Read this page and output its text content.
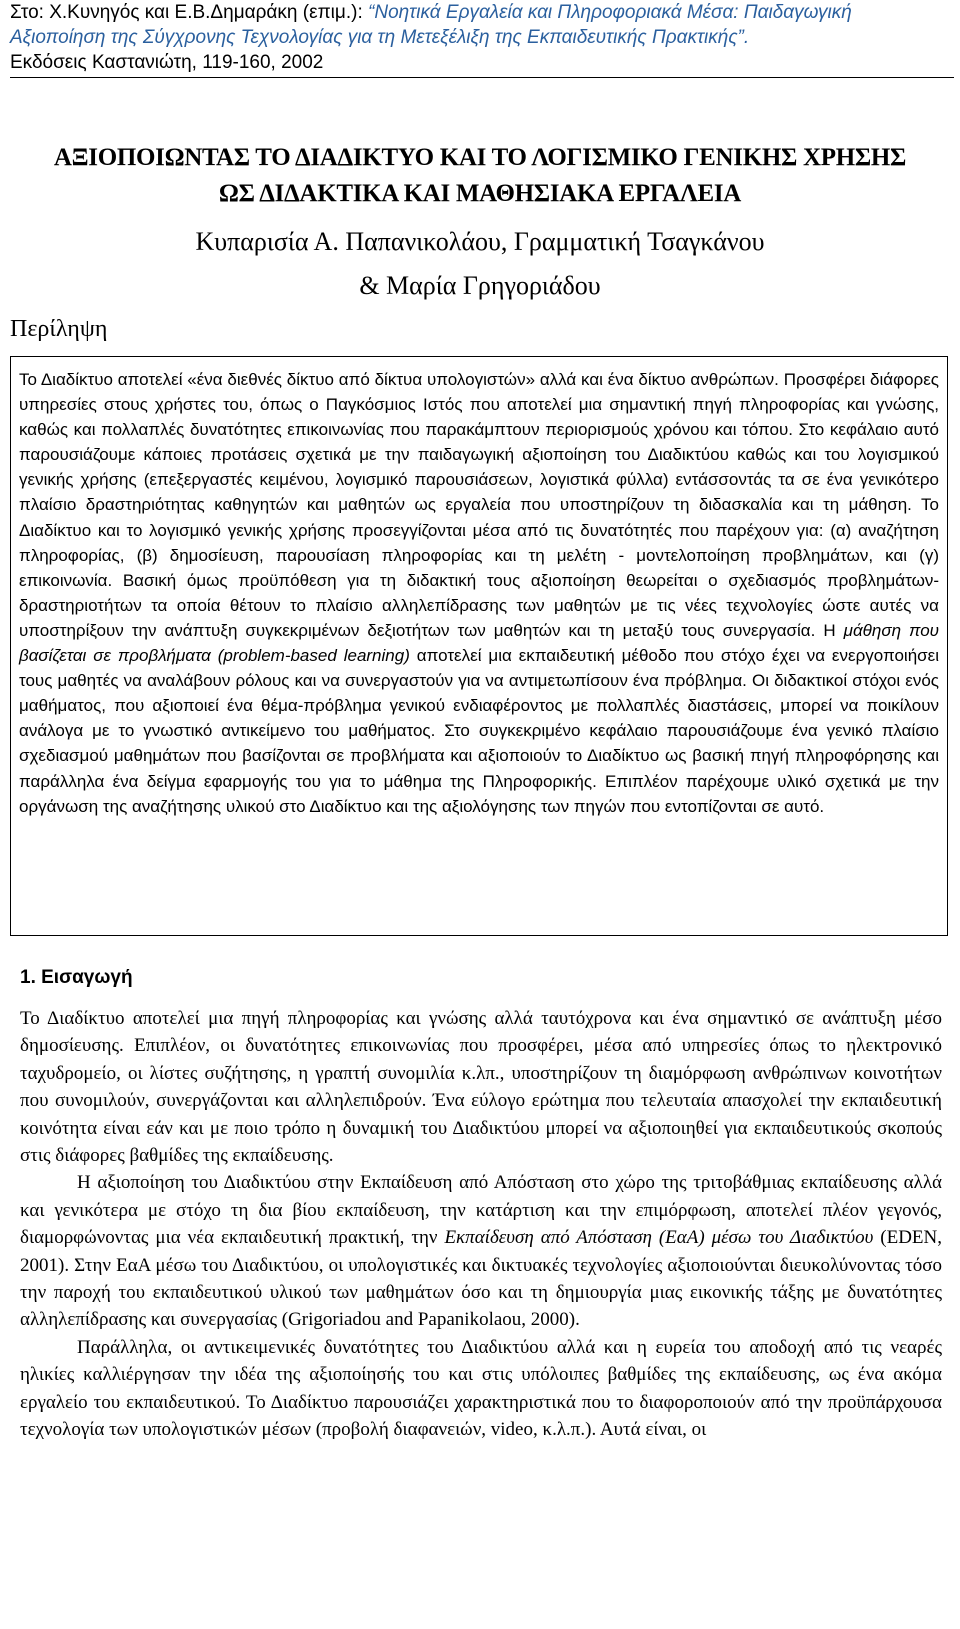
Στο: Χ.Κυνηγός και Ε.Β.Δημαράκη (επιμ.): “Νοητικά Εργαλεία και Πληροφοριακά Μέσα: Παιδαγωγική Αξιοποίηση της Σύγχρονης Τεχνολογίας για τη Μετεξέλιξη της Εκπαιδευτικής Πρακτικής”.
Εκδόσεις Καστανιώτη, 119-160, 2002
ΑΞΙΟΠΟΙΩΝΤΑΣ ΤΟ ΔΙΑΔΙΚΤΥΟ ΚΑΙ ΤΟ ΛΟΓΙΣΜΙΚΟ ΓΕΝΙΚΗΣ ΧΡΗΣΗΣ
ΩΣ ΔΙΔΑΚΤΙΚΑ ΚΑΙ ΜΑΘΗΣΙΑΚΑ ΕΡΓΑΛΕΙΑ
Κυπαρισία Α. Παπανικολάου, Γραμματική Τσαγκάνου
& Μαρία Γρηγοριάδου
Περίληψη
Το Διαδίκτυο αποτελεί «ένα διεθνές δίκτυο από δίκτυα υπολογιστών» αλλά και ένα δίκτυο ανθρώπων. Προσφέρει διάφορες υπηρεσίες στους χρήστες του, όπως ο Παγκόσμιος Ιστός που αποτελεί μια σημαντική πηγή πληροφορίας και γνώσης, καθώς και πολλαπλές δυνατότητες επικοινωνίας που παρακάμπτουν περιορισμούς χρόνου και τόπου. Στο κεφάλαιο αυτό παρουσιάζουμε κάποιες προτάσεις σχετικά με την παιδαγωγική αξιοποίηση του Διαδικτύου καθώς και του λογισμικού γενικής χρήσης (επεξεργαστές κειμένου, λογισμικό παρουσιάσεων, λογιστικά φύλλα) εντάσσοντάς τα σε ένα γενικότερο πλαίσιο δραστηριότητας καθηγητών και μαθητών ως εργαλεία που υποστηρίζουν τη διδασκαλία και τη μάθηση. Το Διαδίκτυο και το λογισμικό γενικής χρήσης προσεγγίζονται μέσα από τις δυνατότητές που παρέχουν για: (α) αναζήτηση πληροφορίας, (β) δημοσίευση, παρουσίαση πληροφορίας και τη μελέτη - μοντελοποίηση προβλημάτων, και (γ) επικοινωνία. Βασική όμως προϋπόθεση για τη διδακτική τους αξιοποίηση θεωρείται ο σχεδιασμός προβλημάτων-δραστηριοτήτων τα οποία θέτουν το πλαίσιο αλληλεπίδρασης των μαθητών με τις νέες τεχνολογίες ώστε αυτές να υποστηρίξουν την ανάπτυξη συγκεκριμένων δεξιοτήτων των μαθητών και τη μεταξύ τους συνεργασία. Η μάθηση που βασίζεται σε προβλήματα (problem-based learning) αποτελεί μια εκπαιδευτική μέθοδο που στόχο έχει να ενεργοποιήσει τους μαθητές να αναλάβουν ρόλους και να συνεργαστούν για να αντιμετωπίσουν ένα πρόβλημα. Οι διδακτικοί στόχοι ενός μαθήματος, που αξιοποιεί ένα θέμα-πρόβλημα γενικού ενδιαφέροντος με πολλαπλές διαστάσεις, μπορεί να ποικίλουν ανάλογα με το γνωστικό αντικείμενο του μαθήματος. Στο συγκεκριμένο κεφάλαιο παρουσιάζουμε ένα γενικό πλαίσιο σχεδιασμού μαθημάτων που βασίζονται σε προβλήματα και αξιοποιούν το Διαδίκτυο ως βασική πηγή πληροφόρησης και παράλληλα ένα δείγμα εφαρμογής του για το μάθημα της Πληροφορικής. Επιπλέον παρέχουμε υλικό σχετικά με την οργάνωση της αναζήτησης υλικού στο Διαδίκτυο και της αξιολόγησης των πηγών που εντοπίζονται σε αυτό.
1. Εισαγωγή

Το Διαδίκτυο αποτελεί μια πηγή πληροφορίας και γνώσης αλλά ταυτόχρονα και ένα σημαντικό σε ανάπτυξη μέσο δημοσίευσης. Επιπλέον, οι δυνατότητες επικοινωνίας που προσφέρει, μέσα από υπηρεσίες όπως το ηλεκτρονικό ταχυδρομείο, οι λίστες συζήτησης, η γραπτή συνομιλία κ.λπ., υποστηρίζουν τη διαμόρφωση ανθρώπινων κοινοτήτων που συνομιλούν, συνεργάζονται και αλληλεπιδρούν. Ένα εύλογο ερώτημα που τελευταία απασχολεί την εκπαιδευτική κοινότητα είναι εάν και με ποιο τρόπο η δυναμική του Διαδικτύου μπορεί να αξιοποιηθεί για εκπαιδευτικούς σκοπούς στις διάφορες βαθμίδες της εκπαίδευσης.

Η αξιοποίηση του Διαδικτύου στην Εκπαίδευση από Απόσταση στο χώρο της τριτοβάθμιας εκπαίδευσης αλλά και γενικότερα με στόχο τη δια βίου εκπαίδευση, την κατάρτιση και την επιμόρφωση, αποτελεί πλέον γεγονός, διαμορφώνοντας μια νέα εκπαιδευτική πρακτική, την Εκπαίδευση από Απόσταση (ΕαΑ) μέσω του Διαδικτύου (EDEN, 2001). Στην ΕαΑ μέσω του Διαδικτύου, οι υπολογιστικές και δικτυακές τεχνολογίες αξιοποιούνται διευκολύνοντας τόσο την παροχή του εκπαιδευτικού υλικού των μαθημάτων όσο και τη δημιουργία μιας εικονικής τάξης με δυνατότητες αλληλεπίδρασης και συνεργασίας (Grigoriadou and Papanikolaou, 2000).

Παράλληλα, οι αντικειμενικές δυνατότητες του Διαδικτύου αλλά και η ευρεία του αποδοχή από τις νεαρές ηλικίες καλλιέργησαν την ιδέα της αξιοποίησής του και στις υπόλοιπες βαθμίδες της εκπαίδευσης, ως ένα ακόμα εργαλείο του εκπαιδευτικού. Το Διαδίκτυο παρουσιάζει χαρακτηριστικά που το διαφοροποιούν από την προϋπάρχουσα τεχνολογία των υπολογιστικών μέσων (προβολή διαφανειών, video, κ.λ.π.). Αυτά είναι, οι
